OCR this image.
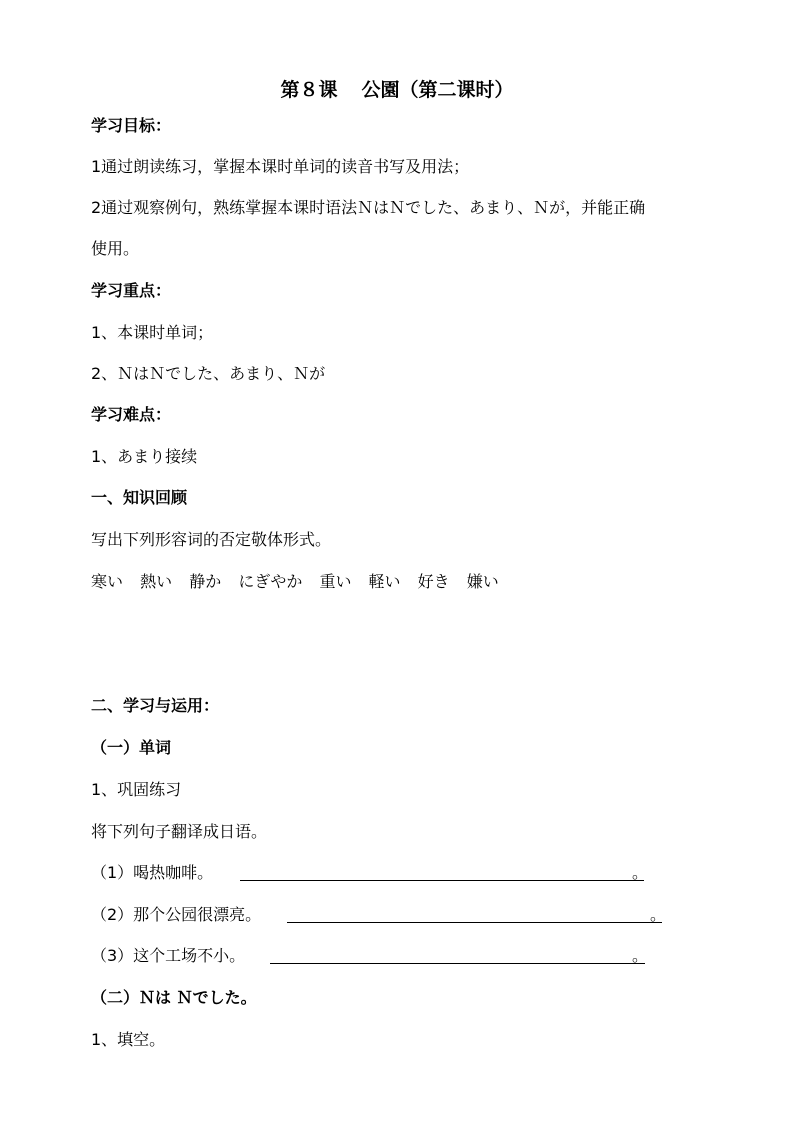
第８课 公園（第二课时）
学习目标：
1通过朗读练习，掌握本课时单词的读音书写及用法；
2通过观察例句，熟练掌握本课时语法ＮはＮでした、あまり、Ｎが，并能正确
使用。
学习重点：
1、本课时单词；
2、ＮはＮでした、あまり、Ｎが
学习难点：
1、あまり接续
一、知识回顾
写出下列形容词的否定敬体形式。
寒い 熱い 静か にぎやか 重い 軽い 好き 嫌い
二、学习与运用：
（一）单词
1、巩固练习
将下列句子翻译成日语。
（1）喝热咖啡。	。
（2）那个公园很漂亮。	。
（3）这个工场不小。	。
（二）Ｎは Ｎでした。
1、填空。
